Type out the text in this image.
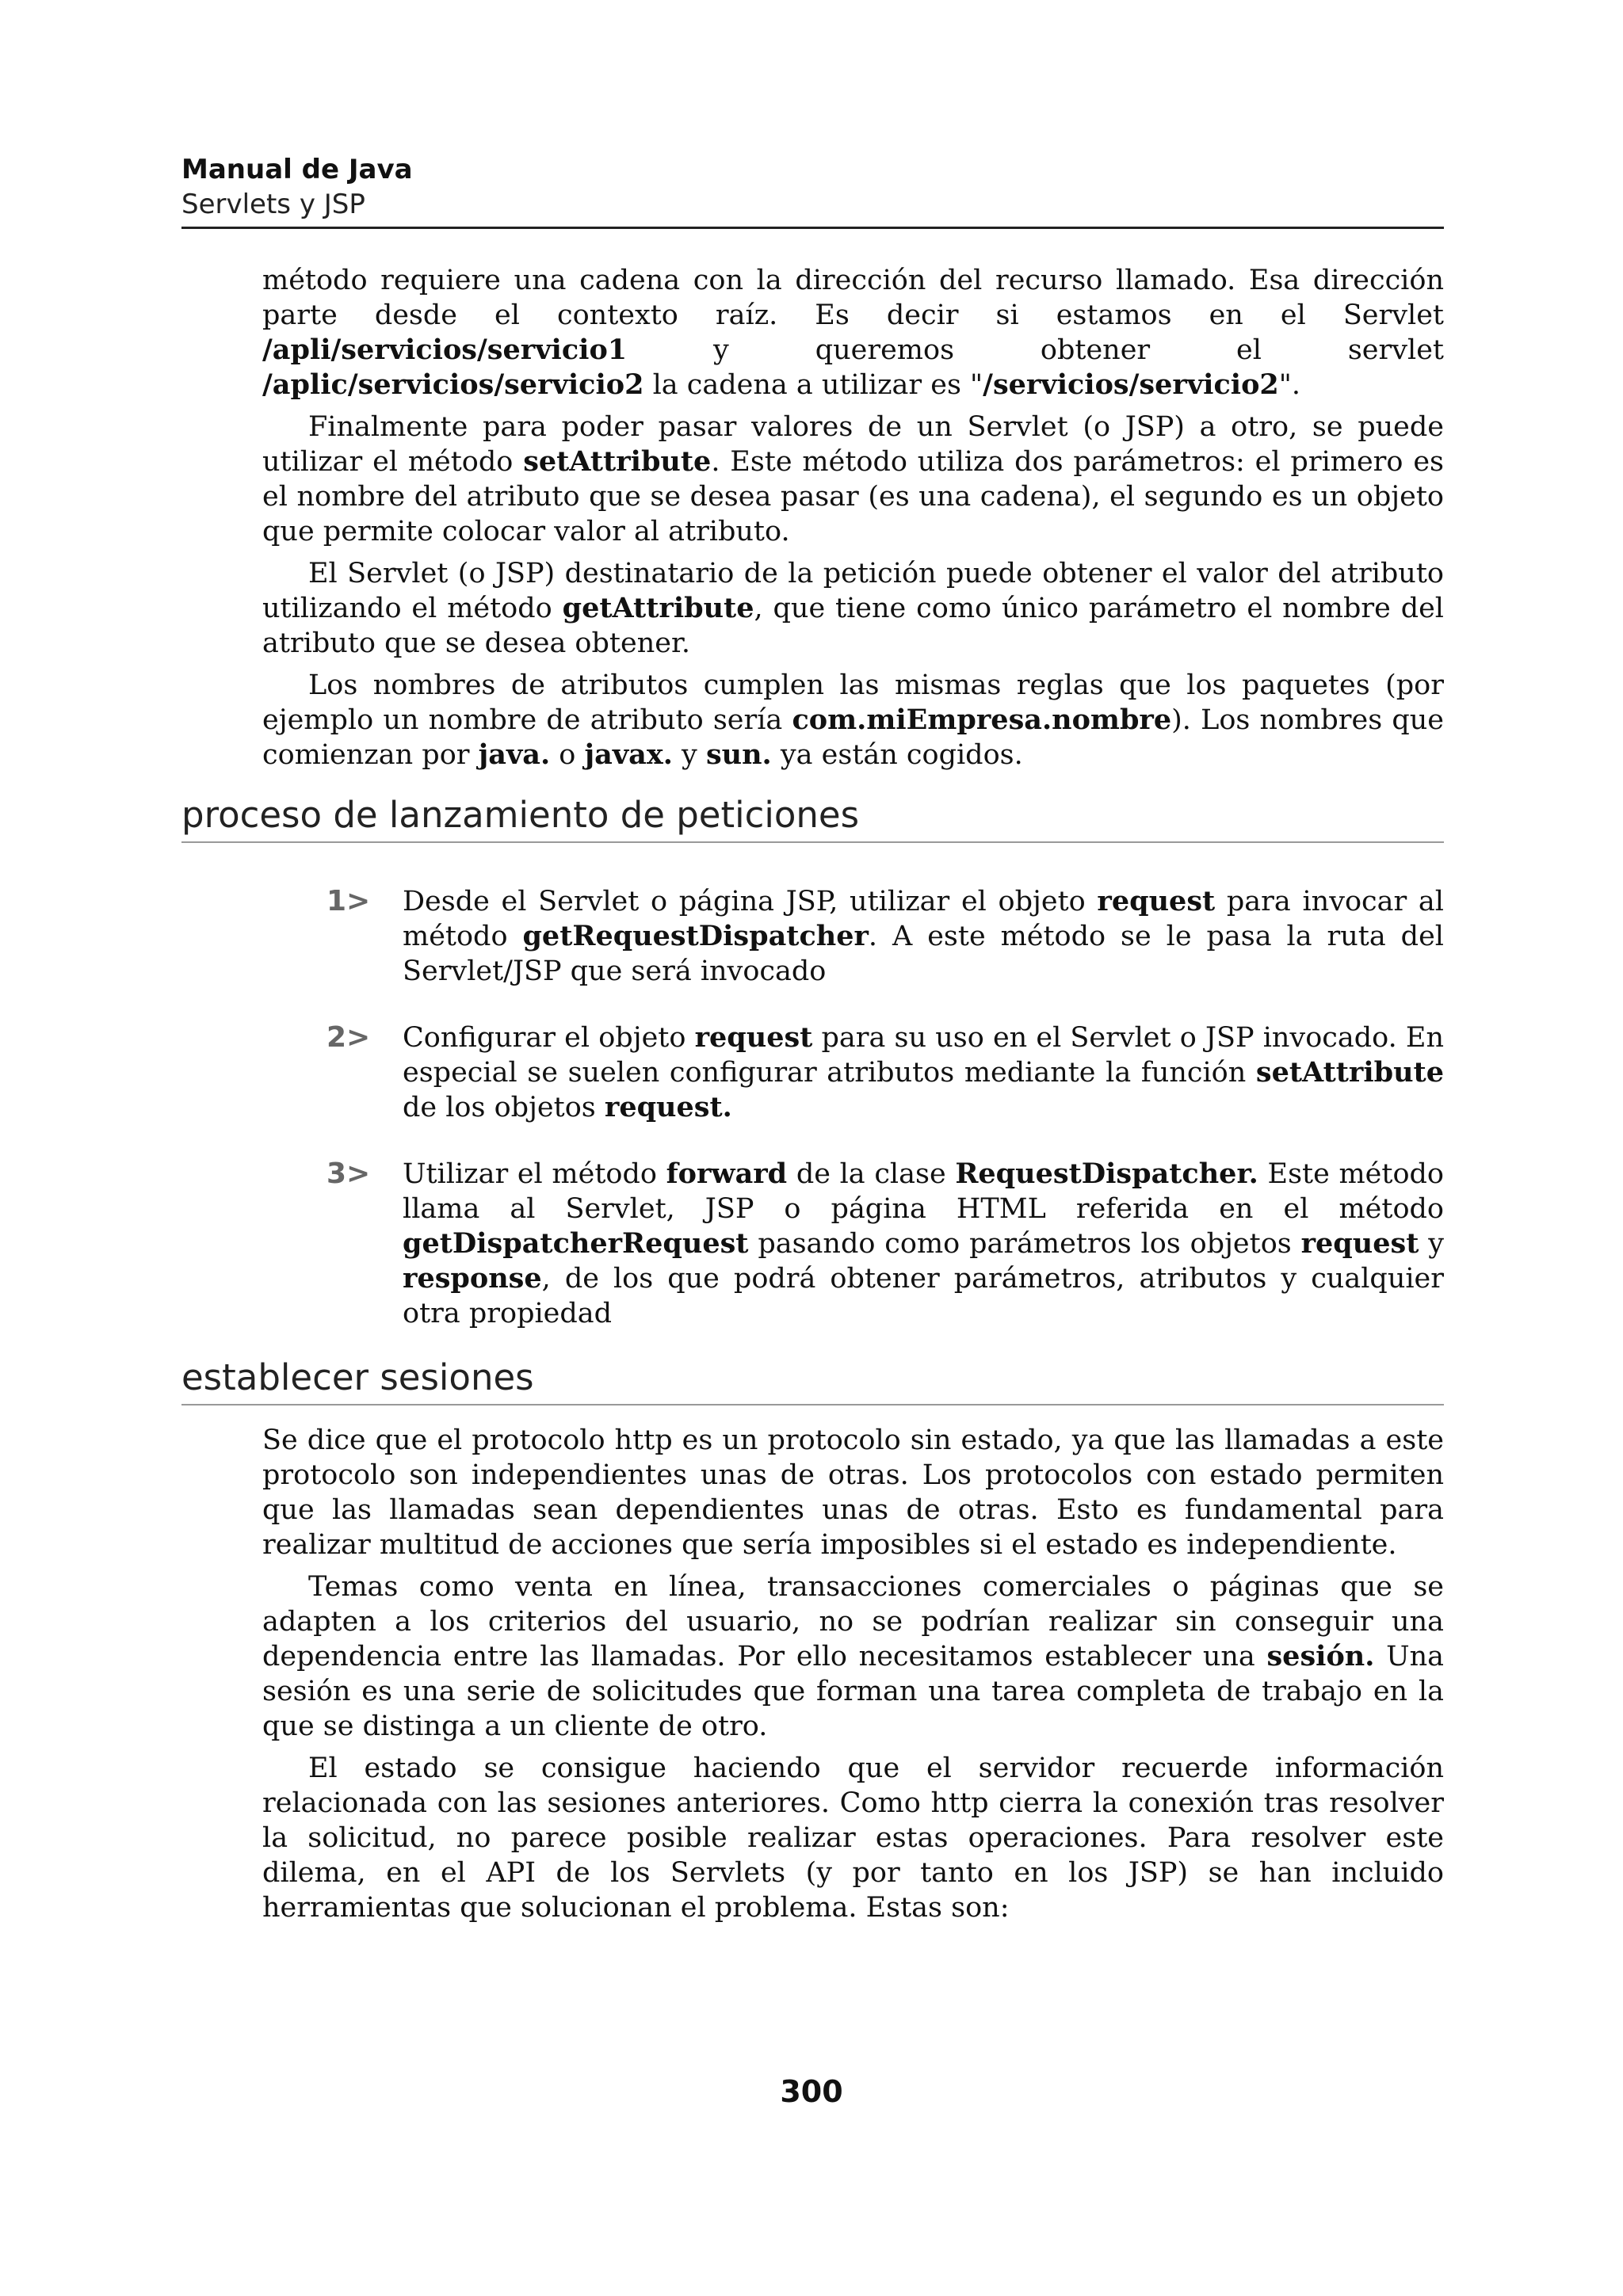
Manual de Java
Servlets y JSP

método requiere una cadena con la dirección del recurso llamado. Esa dirección parte desde el contexto raíz. Es decir si estamos en el Servlet /apli/servicios/servicio1 y queremos obtener el servlet /aplic/servicios/servicio2 la cadena a utilizar es "/servicios/servicio2".

Finalmente para poder pasar valores de un Servlet (o JSP) a otro, se puede utilizar el método setAttribute. Este método utiliza dos parámetros: el primero es el nombre del atributo que se desea pasar (es una cadena), el segundo es un objeto que permite colocar valor al atributo.

El Servlet (o JSP) destinatario de la petición puede obtener el valor del atributo utilizando el método getAttribute, que tiene como único parámetro el nombre del atributo que se desea obtener.

Los nombres de atributos cumplen las mismas reglas que los paquetes (por ejemplo un nombre de atributo sería com.miEmpresa.nombre). Los nombres que comienzan por java. o javax. y sun. ya están cogidos.

proceso de lanzamiento de peticiones
1> Desde el Servlet o página JSP, utilizar el objeto request para invocar al método getRequestDispatcher. A este método se le pasa la ruta del Servlet/JSP que será invocado

2> Configurar el objeto request para su uso en el Servlet o JSP invocado. En especial se suelen configurar atributos mediante la función setAttribute de los objetos request.

3> Utilizar el método forward de la clase RequestDispatcher. Este método llama al Servlet, JSP o página HTML referida en el método getDispatcherRequest pasando como parámetros los objetos request y response, de los que podrá obtener parámetros, atributos y cualquier otra propiedad

establecer sesiones

Se dice que el protocolo http es un protocolo sin estado, ya que las llamadas a este protocolo son independientes unas de otras. Los protocolos con estado permiten que las llamadas sean dependientes unas de otras. Esto es fundamental para realizar multitud de acciones que sería imposibles si el estado es independiente.

Temas como venta en línea, transacciones comerciales o páginas que se adapten a los criterios del usuario, no se podrían realizar sin conseguir una dependencia entre las llamadas. Por ello necesitamos establecer una sesión. Una sesión es una serie de solicitudes que forman una tarea completa de trabajo en la que se distinga a un cliente de otro.

El estado se consigue haciendo que el servidor recuerde información relacionada con las sesiones anteriores. Como http cierra la conexión tras resolver la solicitud, no parece posible realizar estas operaciones. Para resolver este dilema, en el API de los Servlets (y por tanto en los JSP) se han incluido herramientas que solucionan el problema. Estas son:

300
